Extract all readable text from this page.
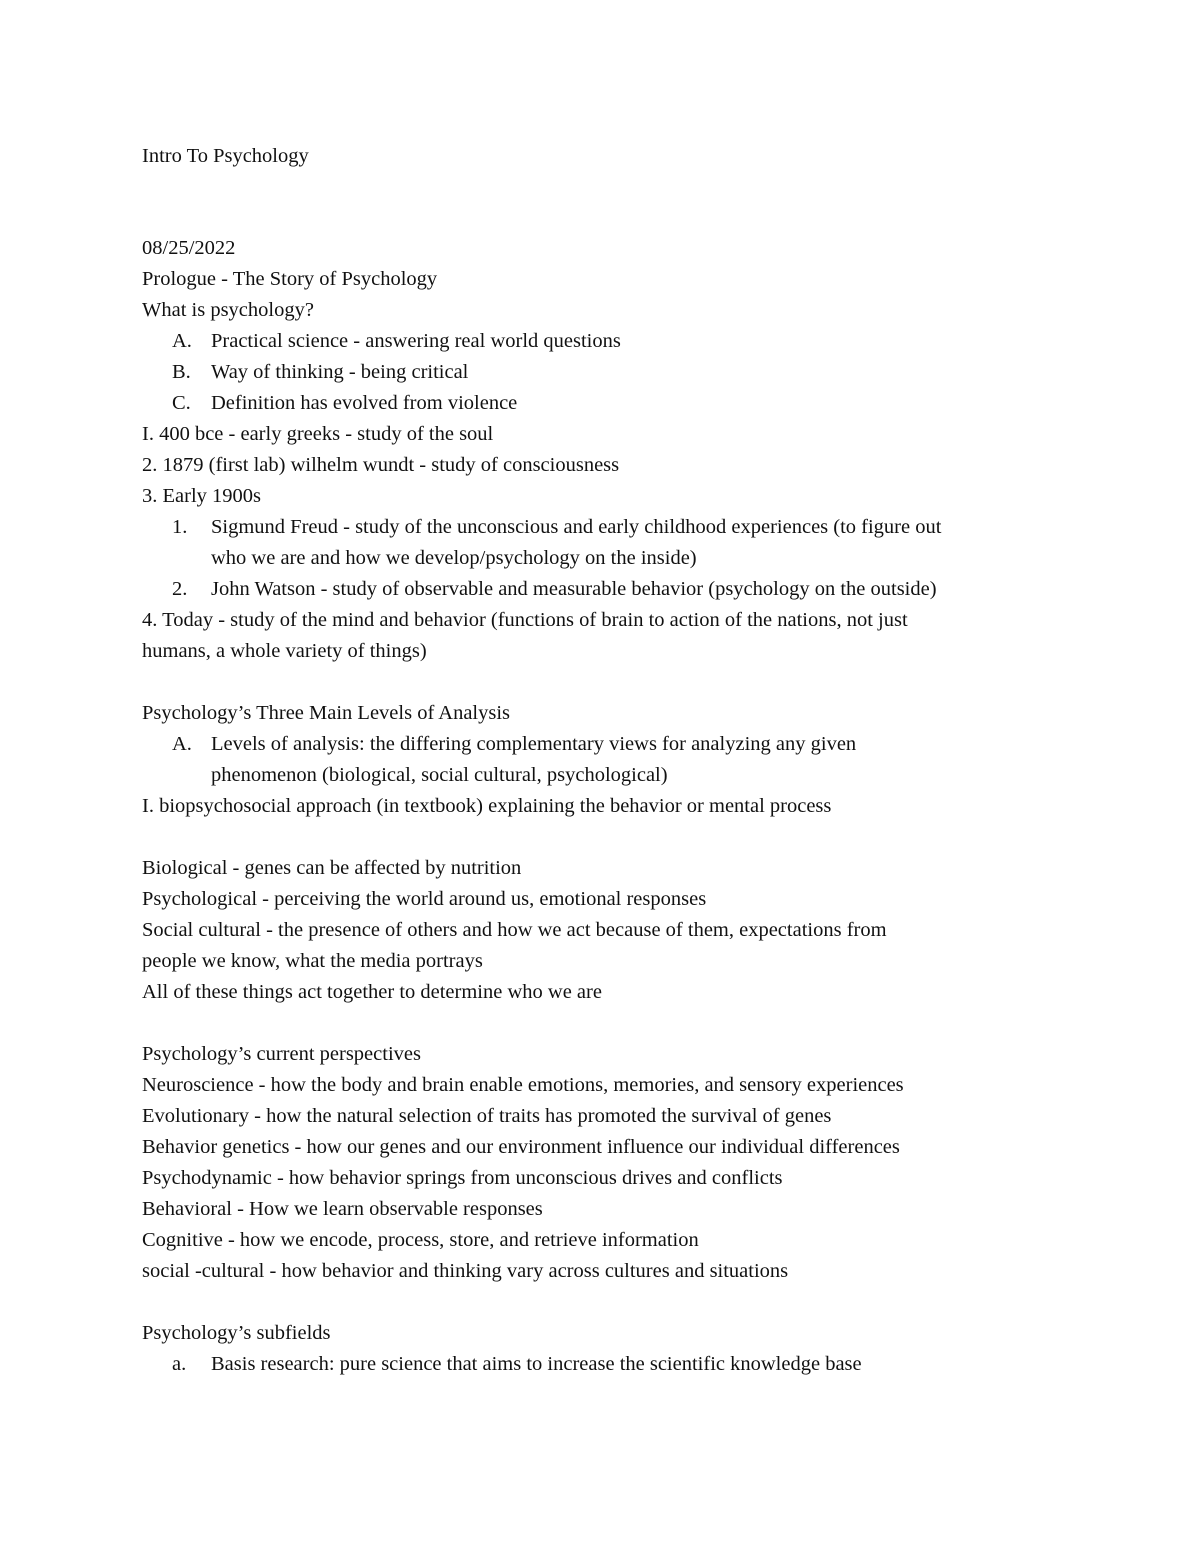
Intro To Psychology
08/25/2022
Prologue - The Story of Psychology
What is psychology?
A. Practical science - answering real world questions
B. Way of thinking - being critical
C. Definition has evolved from violence
I. 400 bce - early greeks - study of the soul
2. 1879 (first lab) wilhelm wundt - study of consciousness
3. Early 1900s
1. Sigmund Freud - study of the unconscious and early childhood experiences (to figure out
who we are and how we develop/psychology on the inside)
2. John Watson - study of observable and measurable behavior (psychology on the outside)
4. Today - study of the mind and behavior (functions of brain to action of the nations, not just
humans, a whole variety of things)
Psychology’s Three Main Levels of Analysis
A. Levels of analysis: the differing complementary views for analyzing any given
phenomenon (biological, social cultural, psychological)
I. biopsychosocial approach (in textbook) explaining the behavior or mental process
Biological - genes can be affected by nutrition
Psychological - perceiving the world around us, emotional responses
Social cultural - the presence of others and how we act because of them, expectations from
people we know, what the media portrays
All of these things act together to determine who we are
Psychology’s current perspectives
Neuroscience - how the body and brain enable emotions, memories, and sensory experiences
Evolutionary - how the natural selection of traits has promoted the survival of genes
Behavior genetics - how our genes and our environment influence our individual differences
Psychodynamic - how behavior springs from unconscious drives and conflicts
Behavioral - How we learn observable responses
Cognitive - how we encode, process, store, and retrieve information
social -cultural - how behavior and thinking vary across cultures and situations
Psychology’s subfields
a. Basis research: pure science that aims to increase the scientific knowledge base
